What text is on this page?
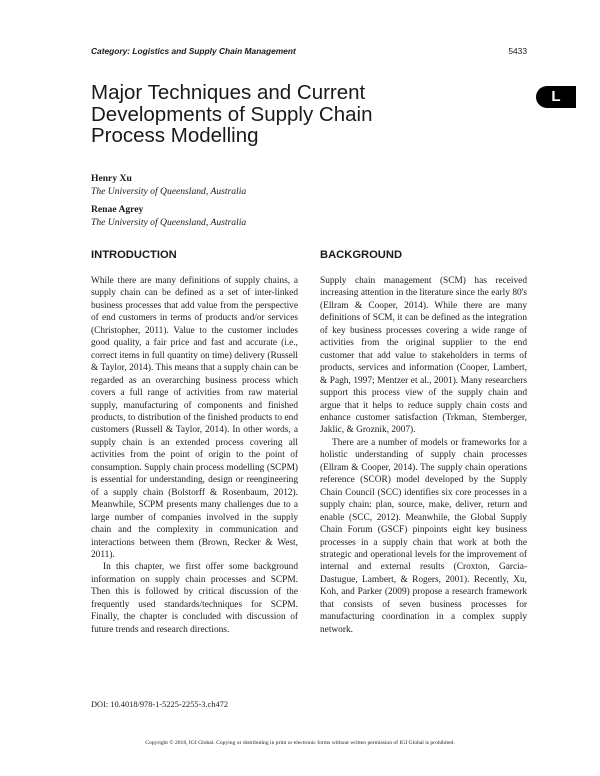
Category: Logistics and Supply Chain Management	5433
L
Major Techniques and Current Developments of Supply Chain Process Modelling
Henry Xu
The University of Queensland, Australia
Renae Agrey
The University of Queensland, Australia
INTRODUCTION	BACKGROUND

While there are many definitions of supply chains, a supply chain can be defined as a set of inter-linked business processes that add value from the perspective of end customers in terms of products and/or services (Christopher, 2011). Value to the customer includes good quality, a fair price and fast and accurate (i.e., correct items in full quantity on time) delivery (Russell & Taylor, 2014). This means that a supply chain can be regarded as an overarching business process which covers a full range of activities from raw material supply, manufacturing of components and finished products, to distribution of the finished products to end customers (Russell & Taylor, 2014). In other words, a supply chain is an extended process covering all activities from the point of origin to the point of consumption. Supply chain process modelling (SCPM) is essential for understanding, design or reengineering of a supply chain (Bolstorff & Rosenbaum, 2012). Meanwhile, SCPM presents many challenges due to a large number of companies involved in the supply chain and the complexity in communication and interactions between them (Brown, Recker & West, 2011).

In this chapter, we first offer some background information on supply chain processes and SCPM. Then this is followed by critical discussion of the frequently used standards/techniques for SCPM. Finally, the chapter is concluded with discussion of future trends and research directions.

Supply chain management (SCM) has received increasing attention in the literature since the early 80's (Ellram & Cooper, 2014). While there are many definitions of SCM, it can be defined as the integration of key business processes covering a wide range of activities from the original supplier to the end customer that add value to stakeholders in terms of products, services and information (Cooper, Lambert, & Pagh, 1997; Mentzer et al., 2001). Many researchers support this process view of the supply chain and argue that it helps to reduce supply chain costs and enhance customer satisfaction (Trkman, Stemberger, Jaklic, & Groznik, 2007).

There are a number of models or frameworks for a holistic understanding of supply chain processes (Ellram & Cooper, 2014). The supply chain operations reference (SCOR) model developed by the Supply Chain Council (SCC) identifies six core processes in a supply chain: plan, source, make, deliver, return and enable (SCC, 2012). Meanwhile, the Global Supply Chain Forum (GSCF) pinpoints eight key business processes in a supply chain that work at both the strategic and operational levels for the improvement of internal and external results (Croxton, Garcia-Dastugue, Lambert, & Rogers, 2001). Recently, Xu, Koh, and Parker (2009) propose a research framework that consists of seven business processes for manufacturing coordination in a complex supply network.

DOI: 10.4018/978-1-5225-2255-3.ch472
Copyright © 2018, IGI Global. Copying or distributing in print or electronic forms without written permission of IGI Global is prohibited.
